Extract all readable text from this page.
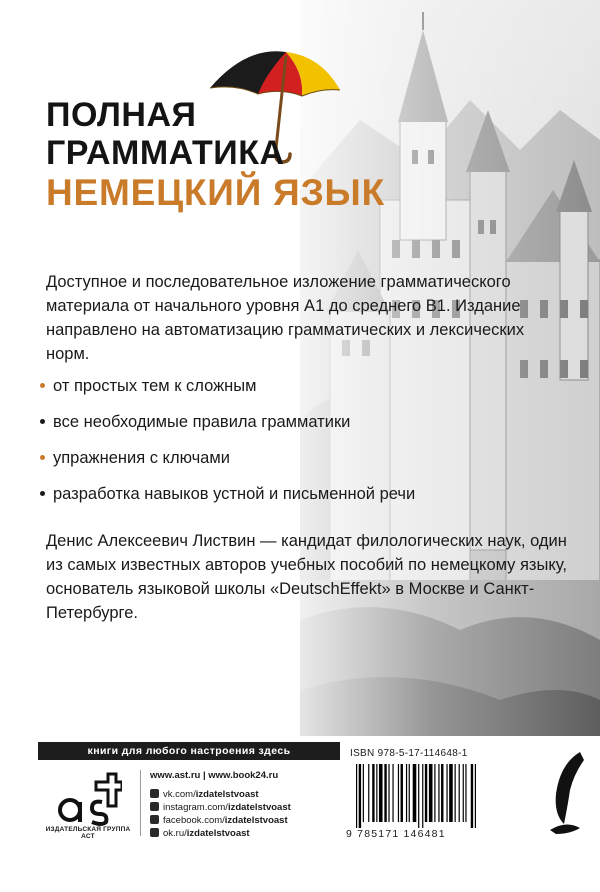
ПОЛНАЯ
ГРАММАТИКА
НЕМЕЦКИЙ ЯЗЫК

Доступное и последовательное изложение грамматического материала от начального уровня А1 до среднего В1. Издание направлено на автоматизацию грамматических и лексических норм.

от простых тем к сложным
все необходимые правила грамматики
упражнения с ключами
разработка навыков устной и письменной речи

Денис Алексеевич Листвин — кандидат филологических наук, один из самых известных авторов учебных пособий по немецкому языку, основатель языковой школы «DeutschEffekt» в Москве и Санкт-Петербурге.

книги для любого настроения здесь
ИЗДАТЕЛЬСКАЯ ГРУППА АСТ
www.ast.ru | www.book24.ru
vk.com/izdatelstvoast
instagram.com/izdatelstvoast
facebook.com/izdatelstvoast
ok.ru/izdatelstvoast
ISBN 978-5-17-114648-1
9 785171 146481
